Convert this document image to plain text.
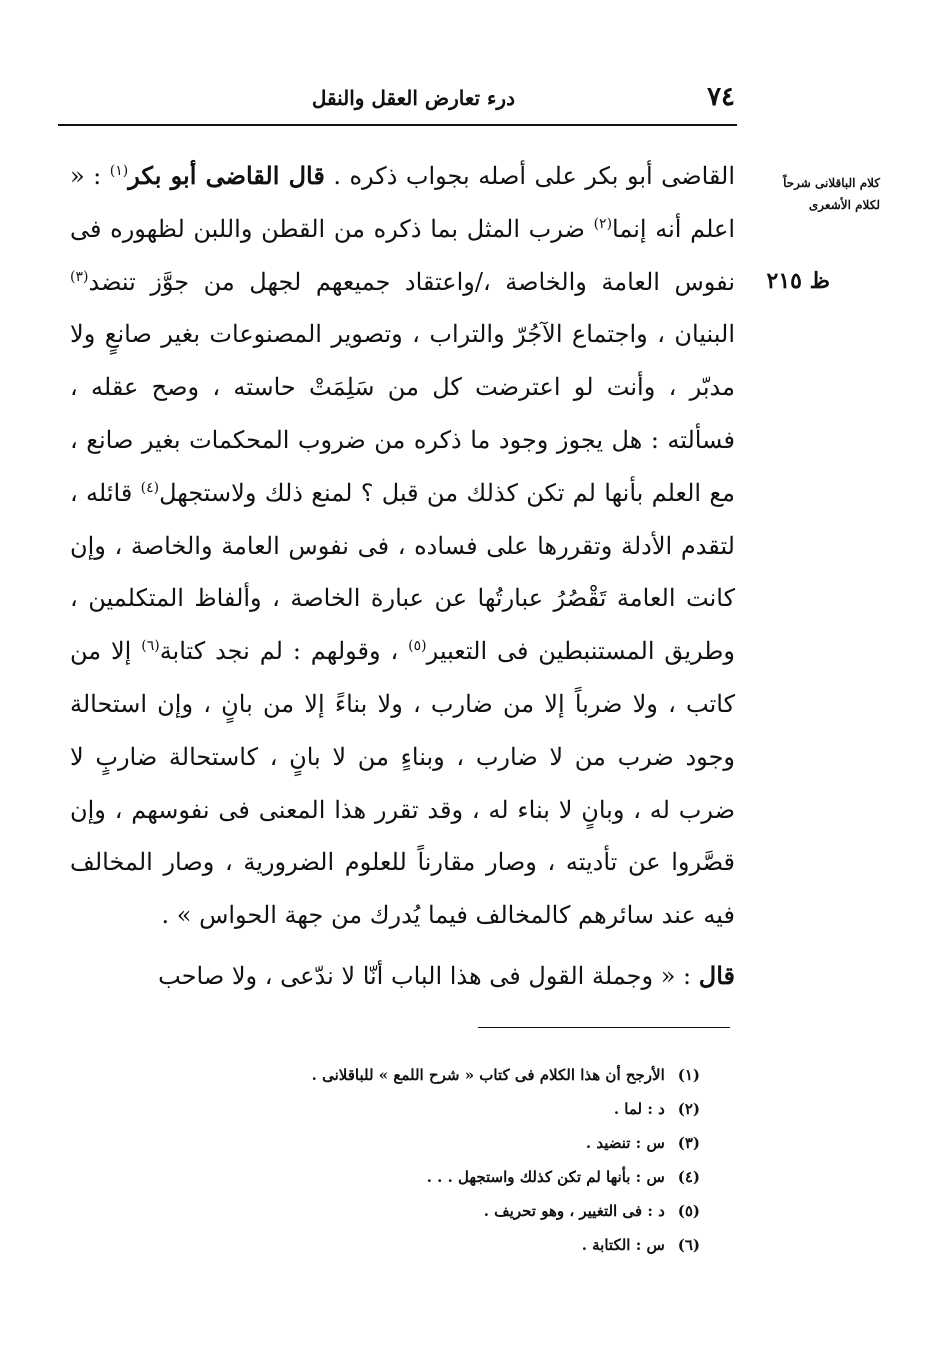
٧٤
درء تعارض العقل والنقل
كلام الباقلانى شرحاً لكلام الأشعرى
ظ ٢١٥

القاضى أبو بكر على أصله بجواب ذكره . قال القاضى أبو بكر$^{(١)}$ : « اعلم أنه إنما$^{(٢)}$ ضرب المثل بما ذكره من القطن واللبن لظهوره فى نفوس العامة والخاصة ،/واعتقاد جميعهم لجهل من جوَّز تنضد$^{(٣)}$ البنيان ، واجتماع الآجُرّ والتراب ، وتصوير المصنوعات بغير صانعٍ ولا مدبّر ، وأنت لو اعترضت كل من سَلِمَتْ حاسته ، وصح عقله ، فسألته : هل يجوز وجود ما ذكره من ضروب المحكمات بغير صانع ، مع العلم بأنها لم تكن كذلك من قبل ؟ لمنع ذلك ولاستجهل$^{(٤)}$ قائله ، لتقدم الأدلة وتقررها على فساده ، فى نفوس العامة والخاصة ، وإن كانت العامة تَقْصُرُ عبارتُها عن عبارة الخاصة ، وألفاظ المتكلمين ، وطريق المستنبطين فى التعبير$^{(٥)}$ ، وقولهم : لم نجد كتابة$^{(٦)}$ إلا من كاتب ، ولا ضرباً إلا من ضارب ، ولا بناءً إلا من بانٍ ، وإن استحالة وجود ضرب من لا ضارب ، وبناءٍ من لا بانٍ ، كاستحالة ضاربٍ لا ضرب له ، وبانٍ لا بناء له ، وقد تقرر هذا المعنى فى نفوسهم ، وإن قصَّروا عن تأديته ، وصار مقارناً للعلوم الضرورية ، وصار المخالف فيه عند سائرهم كالمخالف فيما يُدرك من جهة الحواس » .

قال : « وجملة القول فى هذا الباب أنّا لا ندّعى ، ولا صاحب

(١) الأرجح أن هذا الكلام فى كتاب « شرح اللمع » للباقلانى .
(٢) د : لما .
(٣) س : تنضيد .
(٤) س : بأنها لم تكن كذلك واستجهل . . .
(٥) د : فى التغيير ، وهو تحريف .
(٦) س : الكتابة .
